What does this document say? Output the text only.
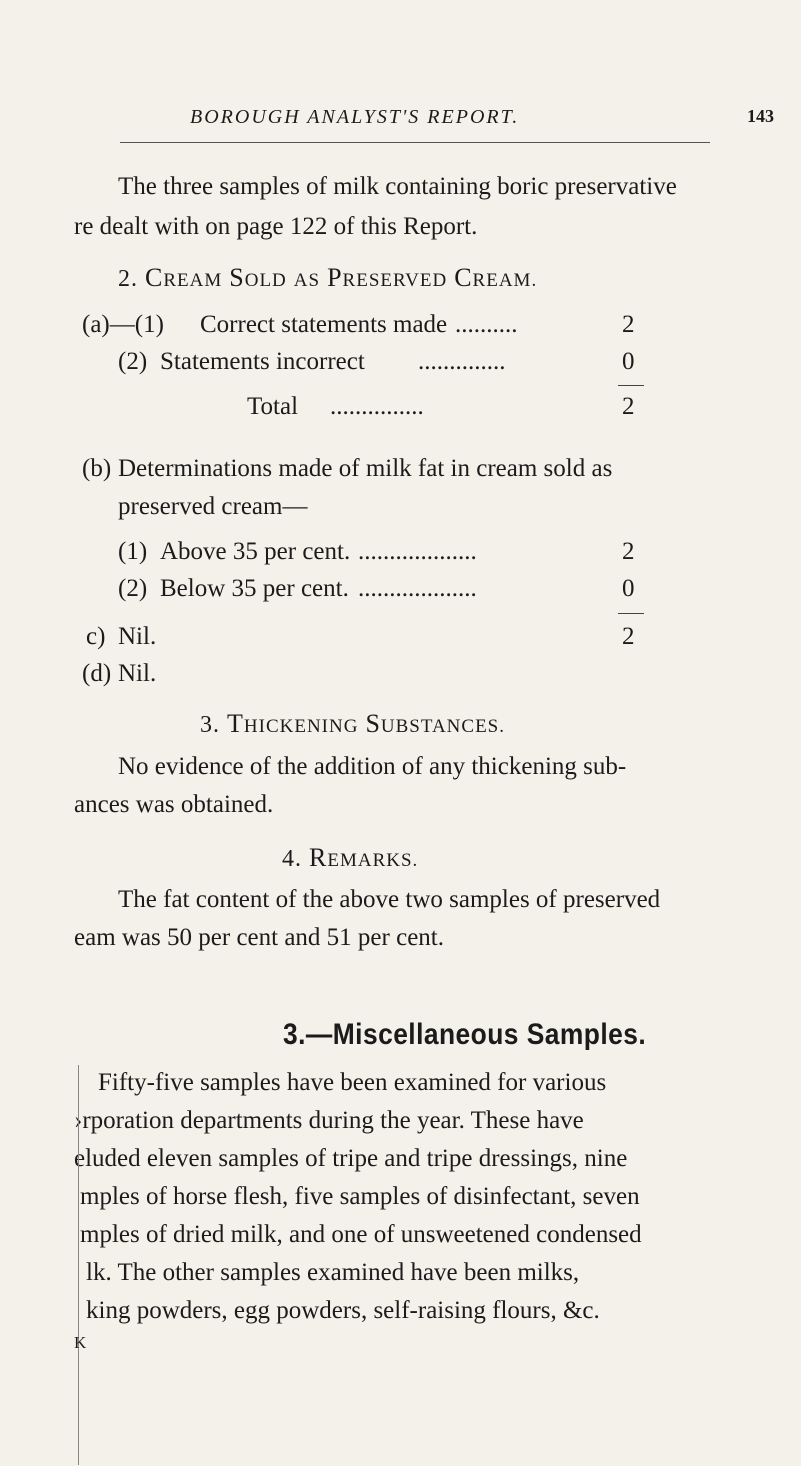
BOROUGH ANALYST'S REPORT.	143
The three samples of milk containing boric preservative
re dealt with on page 122 of this Report.
2. CREAM SOLD AS PRESERVED CREAM.
(a)—(1) Correct statements made ..........	2
(2) Statements incorrect ..............	0
Total ...............	2
(b) Determinations made of milk fat in cream sold as
preserved cream—
(1) Above 35 per cent. ...................	2
(2) Below 35 per cent. ...................	0
c) Nil.	2
(d) Nil.
3. THICKENING SUBSTANCES.
No evidence of the addition of any thickening sub-
ances was obtained.
4. REMARKS.
The fat content of the above two samples of preserved
eam was 50 per cent and 51 per cent.
3.—Miscellaneous Samples.
Fifty-five samples have been examined for various
›rporation departments during the year. These have
eluded eleven samples of tripe and tripe dressings, nine
mples of horse flesh, five samples of disinfectant, seven
mples of dried milk, and one of unsweetened condensed
lk. The other samples examined have been milks,
king powders, egg powders, self-raising flours, &c.
K
